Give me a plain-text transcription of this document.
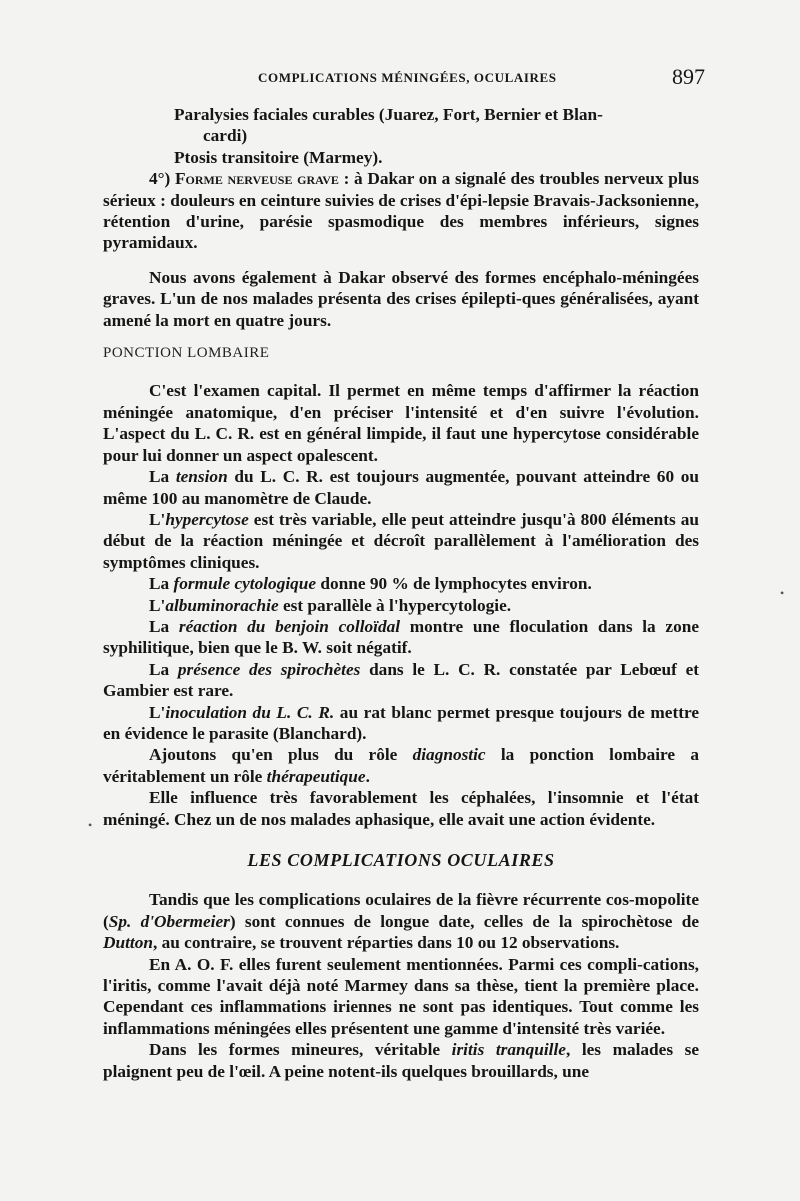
COMPLICATIONS MÉNINGÉES, OCULAIRES	897

Paralysies faciales curables (Juarez, Fort, Bernier et Blan-
cardi)

Ptosis transitoire (Marmey).

4°) Forme nerveuse grave : à Dakar on a signalé des troubles nerveux plus sérieux : douleurs en ceinture suivies de crises d'épi-lepsie Bravais-Jacksonienne, rétention d'urine, parésie spasmodique des membres inférieurs, signes pyramidaux.

Nous avons également à Dakar observé des formes encéphalo-méningées graves. L'un de nos malades présenta des crises épilepti-ques généralisées, ayant amené la mort en quatre jours.

PONCTION LOMBAIRE

C'est l'examen capital. Il permet en même temps d'affirmer la réaction méningée anatomique, d'en préciser l'intensité et d'en suivre l'évolution. L'aspect du L. C. R. est en général limpide, il faut une hypercytose considérable pour lui donner un aspect opalescent.

La tension du L. C. R. est toujours augmentée, pouvant atteindre 60 ou même 100 au manomètre de Claude.

L'hypercytose est très variable, elle peut atteindre jusqu'à 800 éléments au début de la réaction méningée et décroît parallèlement à l'amélioration des symptômes cliniques.

La formule cytologique donne 90 % de lymphocytes environ.

L'albuminorachie est parallèle à l'hypercytologie.

La réaction du benjoin colloïdal montre une floculation dans la zone syphilitique, bien que le B. W. soit négatif.

La présence des spirochètes dans le L. C. R. constatée par Lebœuf et Gambier est rare.

L'inoculation du L. C. R. au rat blanc permet presque toujours de mettre en évidence le parasite (Blanchard).

Ajoutons qu'en plus du rôle diagnostic la ponction lombaire a véritablement un rôle thérapeutique.

Elle influence très favorablement les céphalées, l'insomnie et l'état méningé. Chez un de nos malades aphasique, elle avait une action évidente.

LES COMPLICATIONS OCULAIRES

Tandis que les complications oculaires de la fièvre récurrente cos-mopolite (Sp. d'Obermeier) sont connues de longue date, celles de la spirochètose de Dutton, au contraire, se trouvent réparties dans 10 ou 12 observations.

En A. O. F. elles furent seulement mentionnées. Parmi ces compli-cations, l'iritis, comme l'avait déjà noté Marmey dans sa thèse, tient la première place. Cependant ces inflammations iriennes ne sont pas identiques. Tout comme les inflammations méningées elles présentent une gamme d'intensité très variée.

Dans les formes mineures, véritable iritis tranquille, les malades se plaignent peu de l'œil. A peine notent-ils quelques brouillards, une

•
•
